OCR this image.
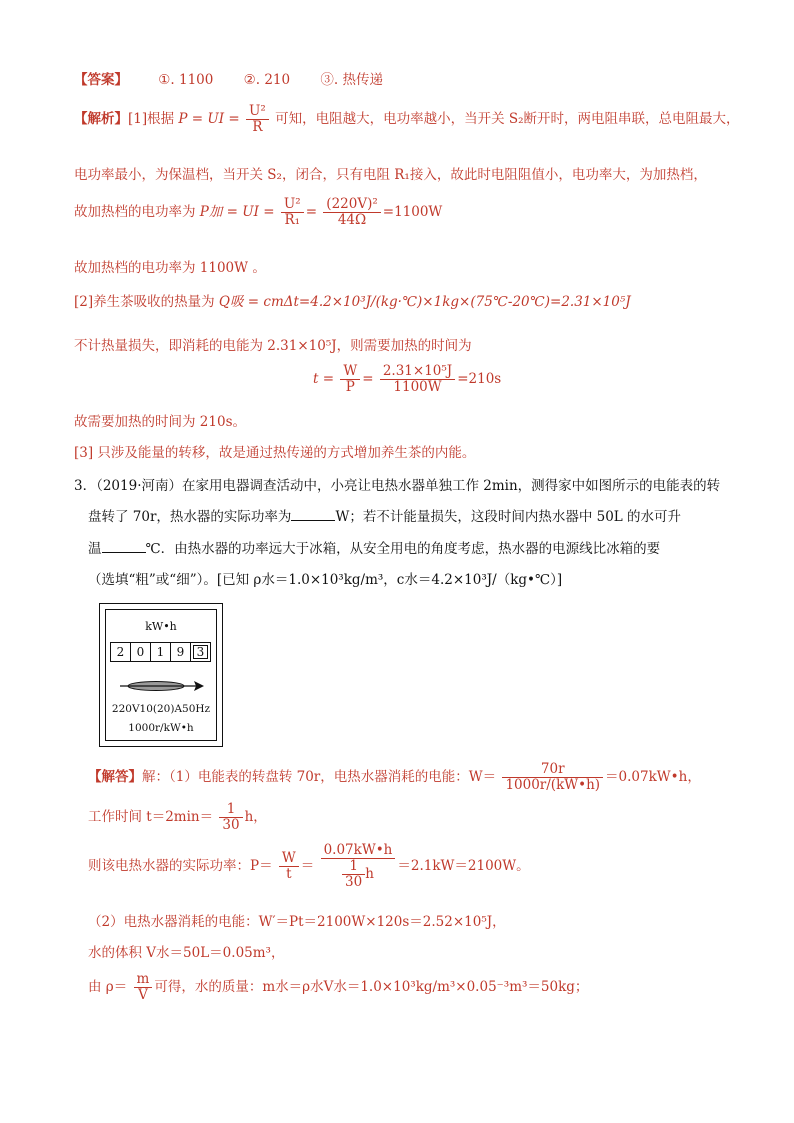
【答案】 ①. 1100 ②. 210 ③. 热传递
【解析】[1]根据 P = UI = $\frac{\text{U²}}{R}$ 可知，电阻越大，电功率越小，当开关 S₂断开时，两电阻串联，总电阻最大，
电功率最小，为保温档，当开关 S₂，闭合，只有电阻 R₁接入，故此时电阻阻值小，电功率大，为加热档，
故加热档的电功率为 P加 = UI = $\frac{\text{U²}}{\text{R₁}} = \frac{\text{(220V)²}}{44\Omega} =1100W$
故加热档的电功率为 1100W 。
[2]养生茶吸收的热量为 Q吸 = cmΔt=4.2×10³J/(kg·℃)×1kg×(75℃-20℃)=2.31×10⁵J
不计热量损失，即消耗的电能为 2.31×10⁵J，则需要加热的时间为
$t = \frac{W}{P} = \frac{\text{2.31×10⁵J}}{1100W} =210s$
故需要加热的时间为 210s。
[3] 只涉及能量的转移，故是通过热传递的方式增加养生茶的内能。
3．（2019·河南）在家用电器调查活动中，小亮让电热水器单独工作 2min，测得家中如图所示的电能表的转
盘转了 70r，热水器的实际功率为	W；若不计能量损失，这段时间内热水器中 50L 的水可升
温	℃．由热水器的功率远大于冰箱，从安全用电的角度考虑，热水器的电源线比冰箱的要
（选填“粗”或“细”）。[已知 ρ水＝1.0×10³kg/m³，c水＝4.2×10³J/（kg•℃）]
kW•h
2	0	1	9	3
220V10(20)A50Hz
1000r/kW•h
【解答】解：（1）电能表的转盘转 70r，电热水器消耗的电能：$W= \frac{70r}{1000r/(kW•h)}$ ＝0.07kW•h，
工作时间 $t=2\min= \frac{1}{30}$ h，
则该电热水器的实际功率：$P= \frac{W}{t} = \frac{0.07kW•h}{\frac{1}{30} h} =2.1kW=2100W$。
（2）电热水器消耗的电能：W′＝Pt＝2100W×120s＝2.52×10⁵J，
水的体积 V水＝50L＝0.05m³，
由 $\rho= \frac{m}{V}$ 可得，水的质量：m水＝ρ水V水＝1.0×10³kg/m³×0.05⁻³m³＝50kg；
